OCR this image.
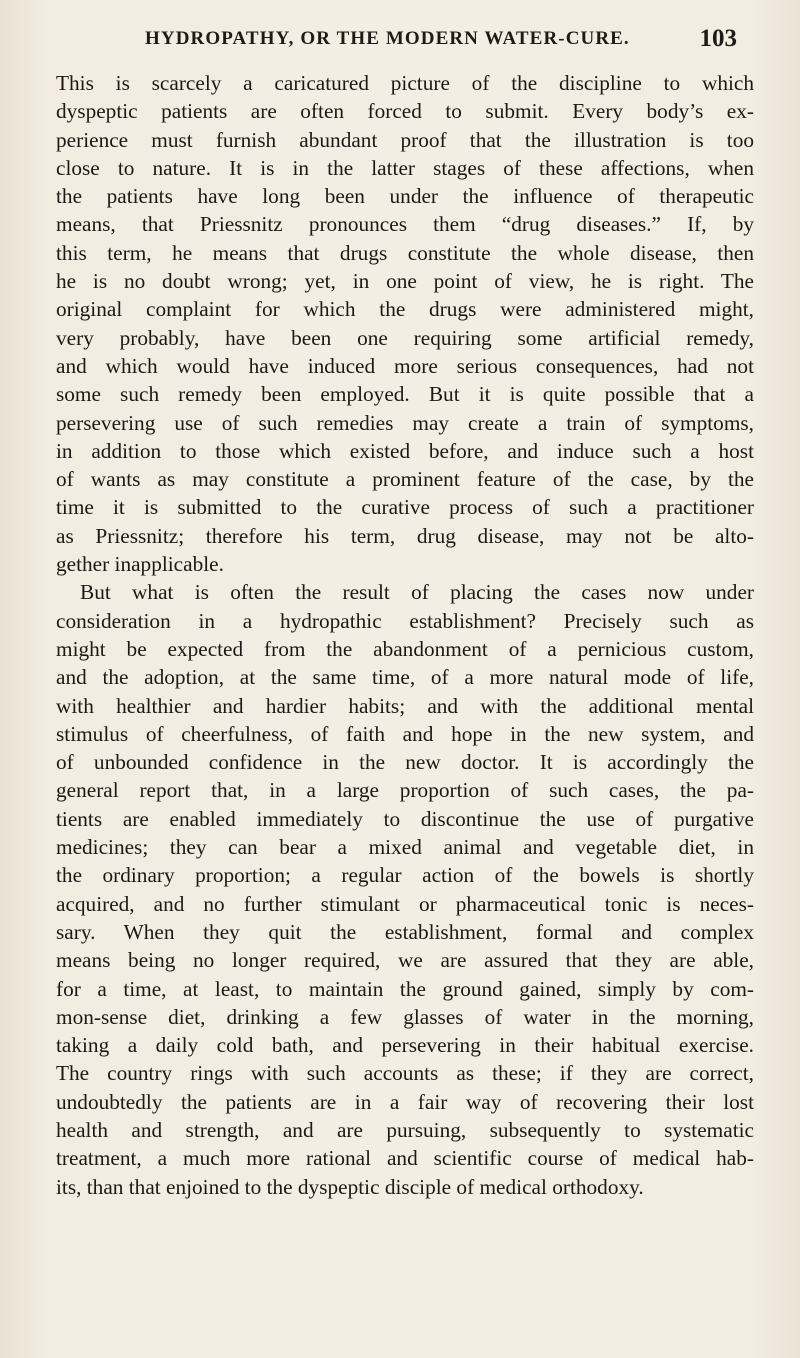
HYDROPATHY, OR THE MODERN WATER-CURE.	103
This is scarcely a caricatured picture of the discipline to which
dyspeptic patients are often forced to submit. Every body’s ex-
perience must furnish abundant proof that the illustration is too
close to nature. It is in the latter stages of these affections, when
the patients have long been under the influence of therapeutic
means, that Priessnitz pronounces them “drug diseases.” If, by
this term, he means that drugs constitute the whole disease, then
he is no doubt wrong; yet, in one point of view, he is right. The
original complaint for which the drugs were administered might,
very probably, have been one requiring some artificial remedy,
and which would have induced more serious consequences, had not
some such remedy been employed. But it is quite possible that a
persevering use of such remedies may create a train of symptoms,
in addition to those which existed before, and induce such a host
of wants as may constitute a prominent feature of the case, by the
time it is submitted to the curative process of such a practitioner
as Priessnitz; therefore his term, drug disease, may not be alto-
gether inapplicable.
But what is often the result of placing the cases now under
consideration in a hydropathic establishment? Precisely such as
might be expected from the abandonment of a pernicious custom,
and the adoption, at the same time, of a more natural mode of life,
with healthier and hardier habits; and with the additional mental
stimulus of cheerfulness, of faith and hope in the new system, and
of unbounded confidence in the new doctor. It is accordingly the
general report that, in a large proportion of such cases, the pa-
tients are enabled immediately to discontinue the use of purgative
medicines; they can bear a mixed animal and vegetable diet, in
the ordinary proportion; a regular action of the bowels is shortly
acquired, and no further stimulant or pharmaceutical tonic is neces-
sary. When they quit the establishment, formal and complex
means being no longer required, we are assured that they are able,
for a time, at least, to maintain the ground gained, simply by com-
mon-sense diet, drinking a few glasses of water in the morning,
taking a daily cold bath, and persevering in their habitual exercise.
The country rings with such accounts as these; if they are correct,
undoubtedly the patients are in a fair way of recovering their lost
health and strength, and are pursuing, subsequently to systematic
treatment, a much more rational and scientific course of medical hab-
its, than that enjoined to the dyspeptic disciple of medical orthodoxy.
